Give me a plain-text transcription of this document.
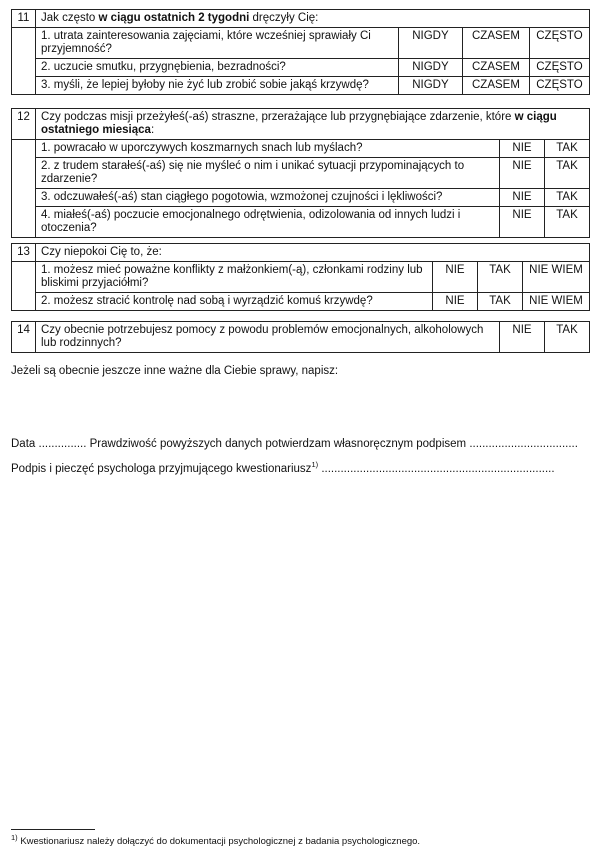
11	Jak często w ciągu ostatnich 2 tygodni dręczyły Cię:			
	1. utrata zainteresowania zajęciami, które wcześniej sprawiały Ci przyjemność?	NIGDY	CZASEM	CZĘSTO
	2. uczucie smutku, przygnębienia, bezradności?	NIGDY	CZASEM	CZĘSTO
	3. myśli, że lepiej byłoby nie żyć lub zrobić sobie jakąś krzywdę?	NIGDY	CZASEM	CZĘSTO
12	Czy podczas misji przeżyłeś(-aś) straszne, przerażające lub przygnębiające zdarzenie, które w ciągu ostatniego miesiąca:		
	1. powracało w uporczywych koszmarnych snach lub myślach?	NIE	TAK
	2. z trudem starałeś(-aś) się nie myśleć o nim i unikać sytuacji przypominających to zdarzenie?	NIE	TAK
	3. odczuwałeś(-aś) stan ciągłego pogotowia, wzmożonej czujności i lękliwości?	NIE	TAK
	4. miałeś(-aś) poczucie emocjonalnego odrętwienia, odizolowania od innych ludzi i otoczenia?	NIE	TAK
13	Czy niepokoi Cię to, że:			
	1. możesz mieć poważne konflikty z małżonkiem(-ą), członkami rodziny lub bliskimi przyjaciółmi?	NIE	TAK	NIE WIEM
	2. możesz stracić kontrolę nad sobą i wyrządzić komuś krzywdę?	NIE	TAK	NIE WIEM
14	Czy obecnie potrzebujesz pomocy z powodu problemów emocjonalnych, alkoholowych lub rodzinnych?	NIE	TAK
Jeżeli są obecnie jeszcze inne ważne dla Ciebie sprawy, napisz:
Data ............... Prawdziwość powyższych danych potwierdzam własnoręcznym podpisem ..................................
Podpis i pieczęć psychologa przyjmującego kwestionariusz$^{1)}$ .........................................................................
$^{1)}$ Kwestionariusz należy dołączyć do dokumentacji psychologicznej z badania psychologicznego.
